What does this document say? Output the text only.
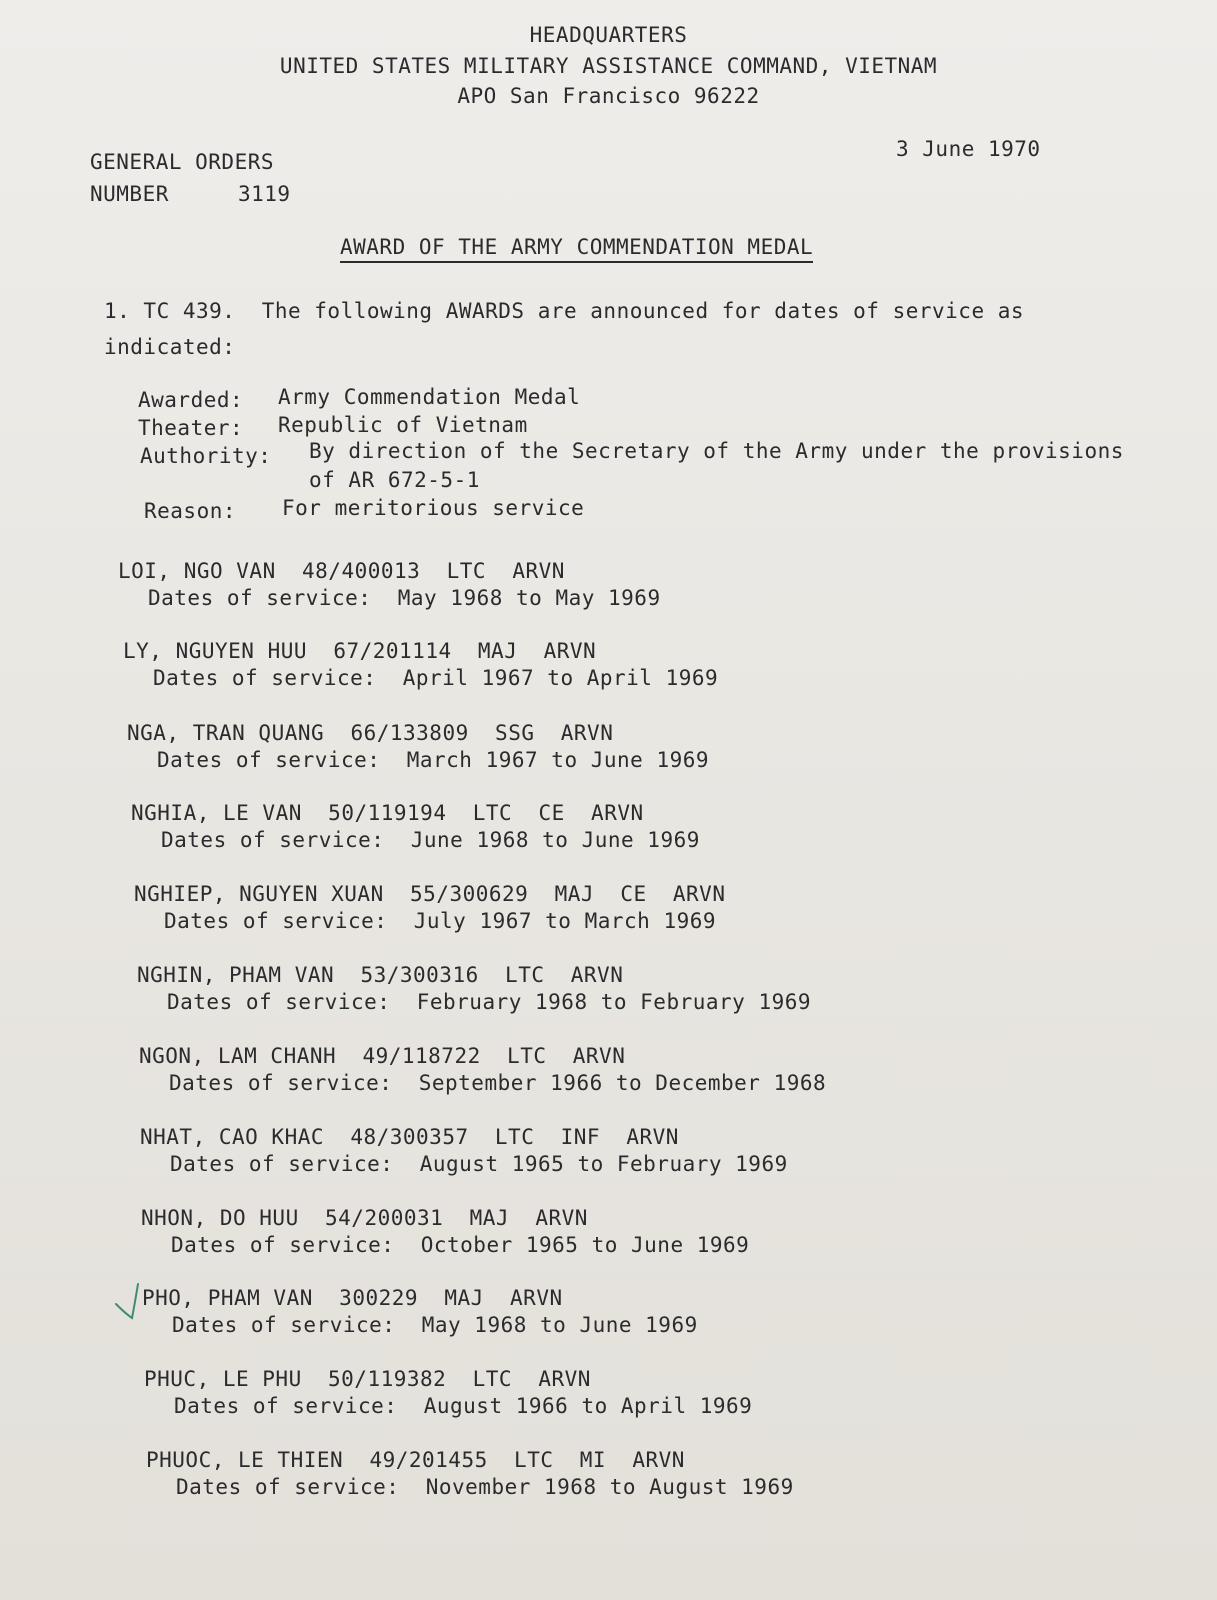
HEADQUARTERS

UNITED STATES MILITARY ASSISTANCE COMMAND, VIETNAM

APO San Francisco 96222

GENERAL ORDERS

NUMBER	3119

3 June 1970

AWARD OF THE ARMY COMMENDATION MEDAL

1. TC 439.  The following AWARDS are announced for dates of service as

indicated:

Awarded: Army Commendation Medal

Theater: Republic of Vietnam

Authority: By direction of the Secretary of the Army under the provisions

of AR 672-5-1

Reason: For meritorious service

LOI, NGO VAN 48/400013 LTC  ARVN
Dates of service: May 1968 to May 1969
LY, NGUYEN HUU 67/201114 MAJ  ARVN
Dates of service: April 1967 to April 1969
NGA, TRAN QUANG 66/133809 SSG  ARVN
Dates of service: March 1967 to June 1969
NGHIA, LE VAN 50/119194 LTC  CE  ARVN
Dates of service: June 1968 to June 1969
NGHIEP, NGUYEN XUAN 55/300629 MAJ  CE  ARVN
Dates of service: July 1967 to March 1969
NGHIN, PHAM VAN 53/300316 LTC  ARVN
Dates of service: February 1968 to February 1969
NGON, LAM CHANH 49/118722 LTC  ARVN
Dates of service: September 1966 to December 1968
NHAT, CAO KHAC 48/300357 LTC  INF  ARVN
Dates of service: August 1965 to February 1969
NHON, DO HUU 54/200031 MAJ  ARVN
Dates of service: October 1965 to June 1969
PHO, PHAM VAN 300229 MAJ  ARVN
Dates of service: May 1968 to June 1969
PHUC, LE PHU 50/119382 LTC  ARVN
Dates of service: August 1966 to April 1969
PHUOC, LE THIEN 49/201455 LTC  MI  ARVN
Dates of service: November 1968 to August 1969
